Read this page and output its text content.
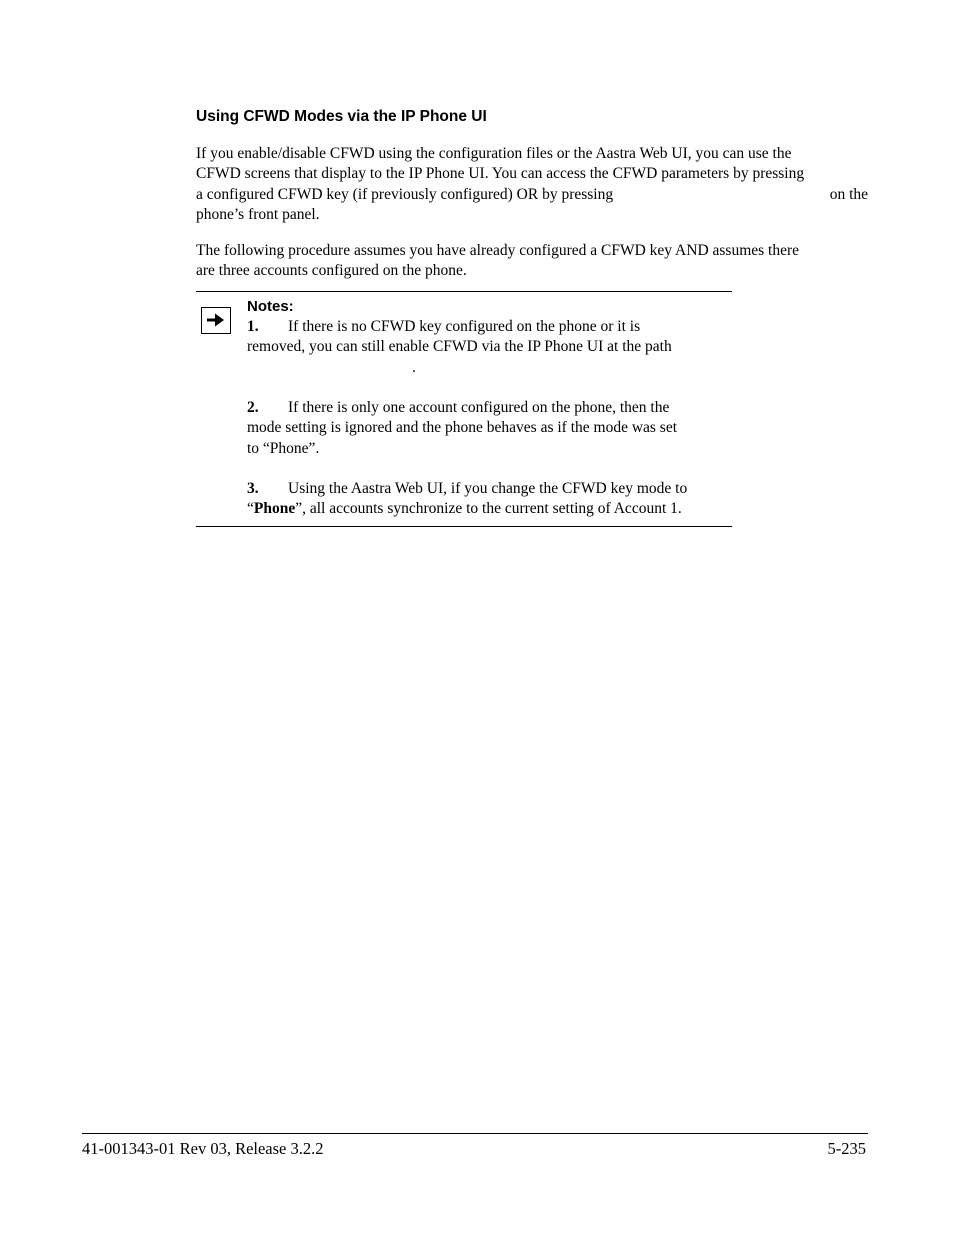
Using CFWD Modes via the IP Phone UI
If you enable/disable CFWD using the configuration files or the Aastra Web UI, you can use the
CFWD screens that display to the IP Phone UI. You can access the CFWD parameters by pressing
a configured CFWD key (if previously configured) OR by pressing	on the
phone’s front panel.
The following procedure assumes you have already configured a CFWD key AND assumes there
are three accounts configured on the phone.
Notes:
1. If there is no CFWD key configured on the phone or it is
removed, you can still enable CFWD via the IP Phone UI at the path
.
2. If there is only one account configured on the phone, then the
mode setting is ignored and the phone behaves as if the mode was set
to “Phone”.
3. Using the Aastra Web UI, if you change the CFWD key mode to
“Phone”, all accounts synchronize to the current setting of Account 1.
41-001343-01 Rev 03, Release 3.2.2	5-235
